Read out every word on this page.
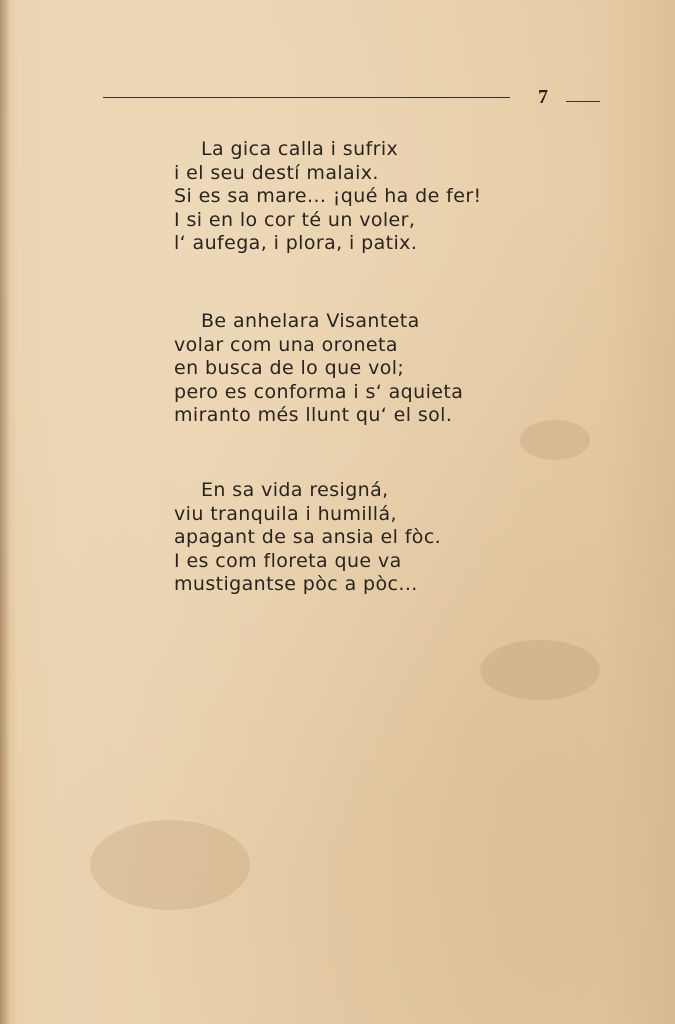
7
La gica calla i sufrix
i el seu destí malaix.
Si es sa mare... ¡qué ha de fer!
I si en lo cor té un voler,
l‘ aufega, i plora, i patix.
Be anhelara Visanteta
volar com una oroneta
en busca de lo que vol;
pero es conforma i s‘ aquieta
miranto més llunt qu‘ el sol.
En sa vida resigná,
viu tranquila i humillá,
apagant de sa ansia el fòc.
I es com floreta que va
mustigantse pòc a pòc...
